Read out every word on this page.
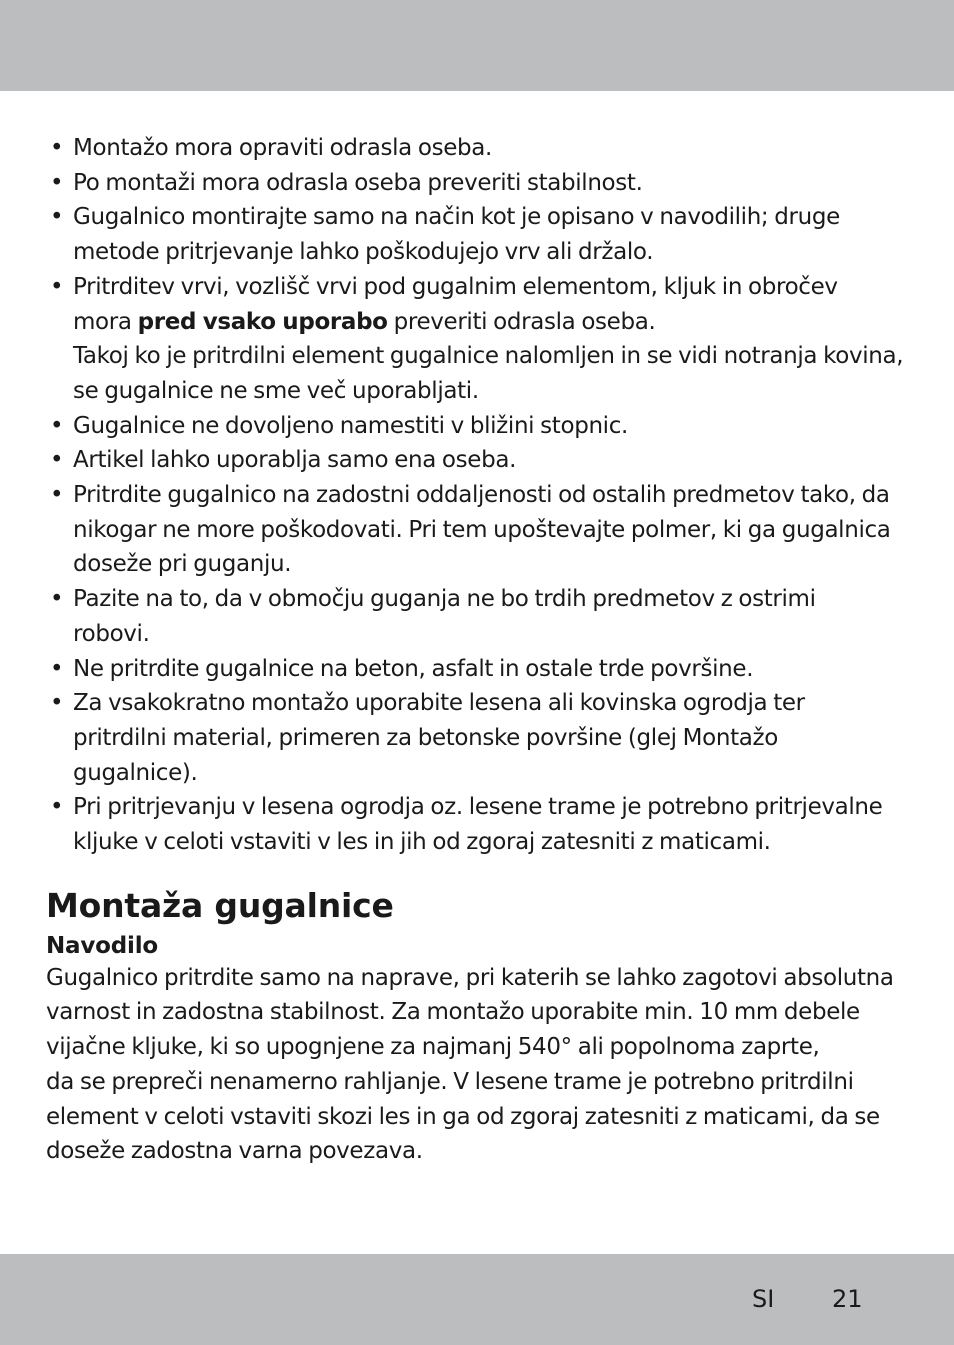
• Montažo mora opraviti odrasla oseba.
• Po montaži mora odrasla oseba preveriti stabilnost.
• Gugalnico montirajte samo na način kot je opisano v navodilih; druge
metode pritrjevanje lahko poškodujejo vrv ali držalo.
• Pritrditev vrvi, vozlišč vrvi pod gugalnim elementom, kljuk in obročev
mora pred vsako uporabo preveriti odrasla oseba.
Takoj ko je pritrdilni element gugalnice nalomljen in se vidi notranja kovina,
se gugalnice ne sme več uporabljati.
• Gugalnice ne dovoljeno namestiti v bližini stopnic.
• Artikel lahko uporablja samo ena oseba.
• Pritrdite gugalnico na zadostni oddaljenosti od ostalih predmetov tako, da
nikogar ne more poškodovati. Pri tem upoštevajte polmer, ki ga gugalnica
doseže pri guganju.
• Pazite na to, da v območju guganja ne bo trdih predmetov z ostrimi
robovi.
• Ne pritrdite gugalnice na beton, asfalt in ostale trde površine.
• Za vsakokratno montažo uporabite lesena ali kovinska ogrodja ter
pritrdilni material, primeren za betonske površine (glej Montažo
gugalnice).
• Pri pritrjevanju v lesena ogrodja oz. lesene trame je potrebno pritrjevalne
kljuke v celoti vstaviti v les in jih od zgoraj zatesniti z maticami.
Montaža gugalnice

Navodilo

Gugalnico pritrdite samo na naprave, pri katerih se lahko zagotovi absolutna
varnost in zadostna stabilnost. Za montažo uporabite min. 10 mm debele
vijačne kljuke, ki so upognjene za najmanj 540° ali popolnoma zaprte,
da se prepreči nenamerno rahljanje. V lesene trame je potrebno pritrdilni
element v celoti vstaviti skozi les in ga od zgoraj zatesniti z maticami, da se
doseže zadostna varna povezava.

SI 21
